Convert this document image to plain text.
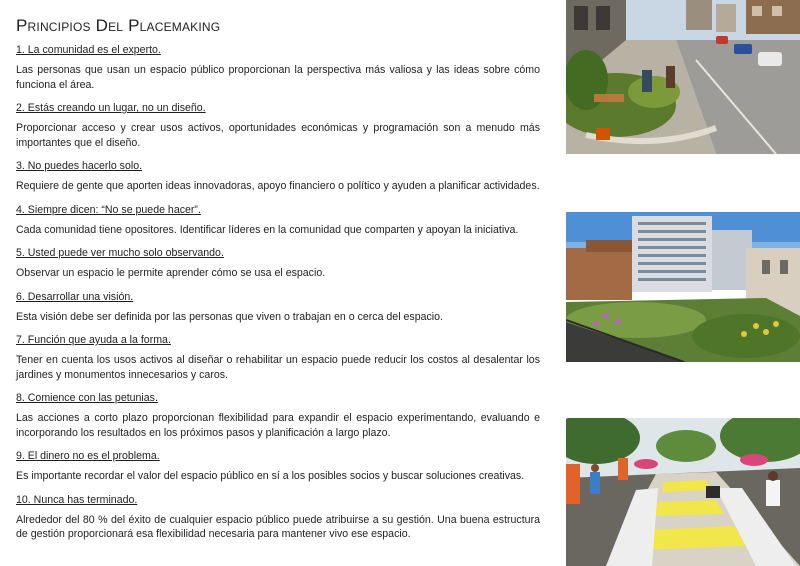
Principios Del Placemaking

1. La comunidad es el experto.

Las personas que usan un espacio público proporcionan la perspectiva más valiosa y las ideas sobre cómo funciona el área.

2. Estás creando un lugar, no un diseño.

Proporcionar acceso y crear usos activos, oportunidades económicas y programación son a menudo más importantes que el diseño.

3. No puedes hacerlo solo.

Requiere de gente que aporten ideas innovadoras, apoyo financiero o político y ayuden a planificar actividades.

4. Siempre dicen: “No se puede hacer”.

Cada comunidad tiene opositores. Identificar líderes en la comunidad que comparten y apoyan la iniciativa.

5. Usted puede ver mucho solo observando.

Observar un espacio le permite aprender cómo se usa el espacio.

6. Desarrollar una visión.

Esta visión debe ser definida por las personas que viven o trabajan en o cerca del espacio.

7. Función que ayuda a la forma.

Tener en cuenta los usos activos al diseñar o rehabilitar un espacio puede reducir los costos al desalentar los jardines y monumentos innecesarios y caros.

8. Comience con las petunias.

Las acciones a corto plazo proporcionan flexibilidad para expandir el espacio experimentando, evaluando e incorporando los resultados en los próximos pasos y planificación a largo plazo.

9. El dinero no es el problema.

Es importante recordar el valor del espacio público en sí a los posibles socios y buscar soluciones creativas.

10. Nunca has terminado.

Alrededor del 80 % del éxito de cualquier espacio público puede atribuirse a su gestión. Una buena estructura de gestión proporcionará esa flexibilidad necesaria para mantener vivo ese espacio.
